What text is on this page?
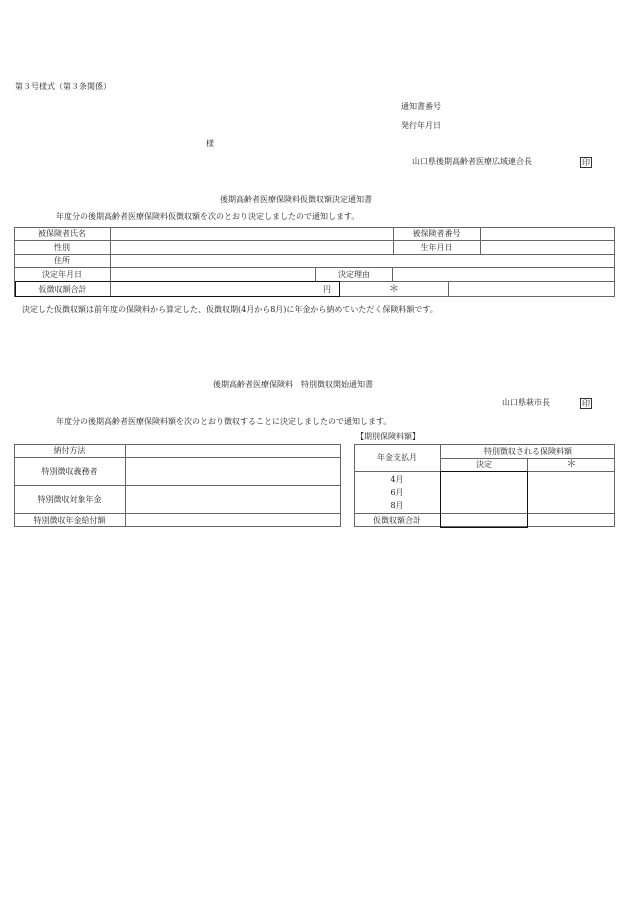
第３号様式（第３条関係）
通知書番号
発行年月日
様
山口県後期高齢者医療広域連合長	印
後期高齢者医療保険料仮徴収額決定通知書
年度分の後期高齢者医療保険料仮徴収額を次のとおり決定しましたので通知します。
被保険者氏名	被保険者番号
性別	生年月日
住所
決定年月日	決定理由
仮徴収額合計	円	＊
決定した仮徴収額は前年度の保険料から算定した、仮徴収期(4月から8月)に年金から納めていただく保険料額です。
後期高齢者医療保険料　特別徴収開始通知書
山口県萩市長	印
年度分の後期高齢者医療保険料額を次のとおり徴収することに決定しましたので通知します。
【期別保険料額】
納付方法
特別徴収義務者
特別徴収対象年金
特別徴収年金給付額
年金支払月
特別徴収される保険料額
決定	＊
4月
6月
8月
仮徴収額合計
